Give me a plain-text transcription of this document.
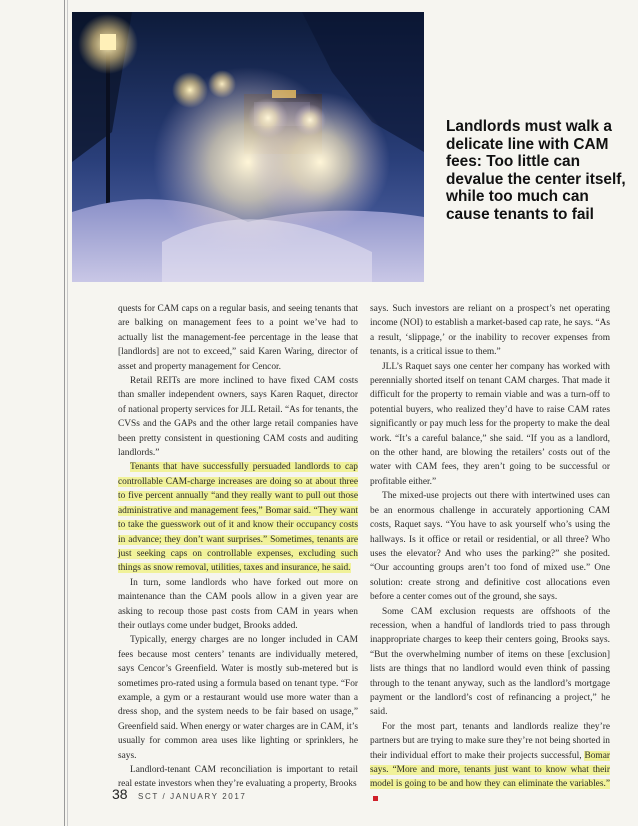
Landlords must walk a delicate line with CAM fees: Too little can devalue the center itself, while too much can cause tenants to fail

quests for CAM caps on a regular basis, and seeing tenants that are balking on management fees to a point we’ve had to actually list the management-fee percentage in the lease that [landlords] are not to exceed,” said Karen Waring, director of asset and property management for Cencor.

Retail REITs are more inclined to have fixed CAM costs than smaller independent owners, says Karen Raquet, director of national property services for JLL Retail. “As for tenants, the CVSs and the GAPs and the other large retail companies have been pretty consistent in questioning CAM costs and auditing landlords.”

Tenants that have successfully persuaded landlords to cap controllable CAM-charge increases are doing so at about three to five percent annually “and they really want to pull out those administrative and management fees,” Bomar said. “They want to take the guesswork out of it and know their occupancy costs in advance; they don’t want surprises.” Sometimes, tenants are just seeking caps on controllable expenses, excluding such things as snow removal, utilities, taxes and insurance, he said.

In turn, some landlords who have forked out more on maintenance than the CAM pools allow in a given year are asking to recoup those past costs from CAM in years when their outlays come under budget, Brooks added.

Typically, energy charges are no longer included in CAM fees because most centers’ tenants are individually metered, says Cencor’s Greenfield. Water is mostly sub-metered but is sometimes pro-rated using a formula based on tenant type. “For example, a gym or a restaurant would use more water than a dress shop, and the system needs to be fair based on usage,” Greenfield said. When energy or water charges are in CAM, it’s usually for common area uses like lighting or sprinklers, he says.

Landlord-tenant CAM reconciliation is important to retail real estate investors when they’re evaluating a property, Brooks

says. Such investors are reliant on a prospect’s net operating income (NOI) to establish a market-based cap rate, he says. “As a result, ‘slippage,’ or the inability to recover expenses from tenants, is a critical issue to them.”

JLL’s Raquet says one center her company has worked with perennially shorted itself on tenant CAM charges. That made it difficult for the property to remain viable and was a turn-off to potential buyers, who realized they’d have to raise CAM rates significantly or pay much less for the property to make the deal work. “It’s a careful balance,” she said. “If you as a landlord, on the other hand, are blowing the retailers’ costs out of the water with CAM fees, they aren’t going to be successful or profitable either.”

The mixed-use projects out there with intertwined uses can be an enormous challenge in accurately apportioning CAM costs, Raquet says. “You have to ask yourself who’s using the hallways. Is it office or retail or residential, or all three? Who uses the elevator? And who uses the parking?” she posited. “Our accounting groups aren’t too fond of mixed use.” One solution: create strong and definitive cost allocations even before a center comes out of the ground, she says.

Some CAM exclusion requests are offshoots of the recession, when a handful of landlords tried to pass through inappropriate charges to keep their centers going, Brooks says. “But the overwhelming number of items on these [exclusion] lists are things that no landlord would even think of passing through to the tenant anyway, such as the landlord’s mortgage payment or the landlord’s cost of refinancing a project,” he said.

For the most part, tenants and landlords realize they’re partners but are trying to make sure they’re not being shorted in their individual effort to make their projects successful, Bomar says. “More and more, tenants just want to know what their model is going to be and how they can eliminate the variables.”

38 SCT / JANUARY 2017
